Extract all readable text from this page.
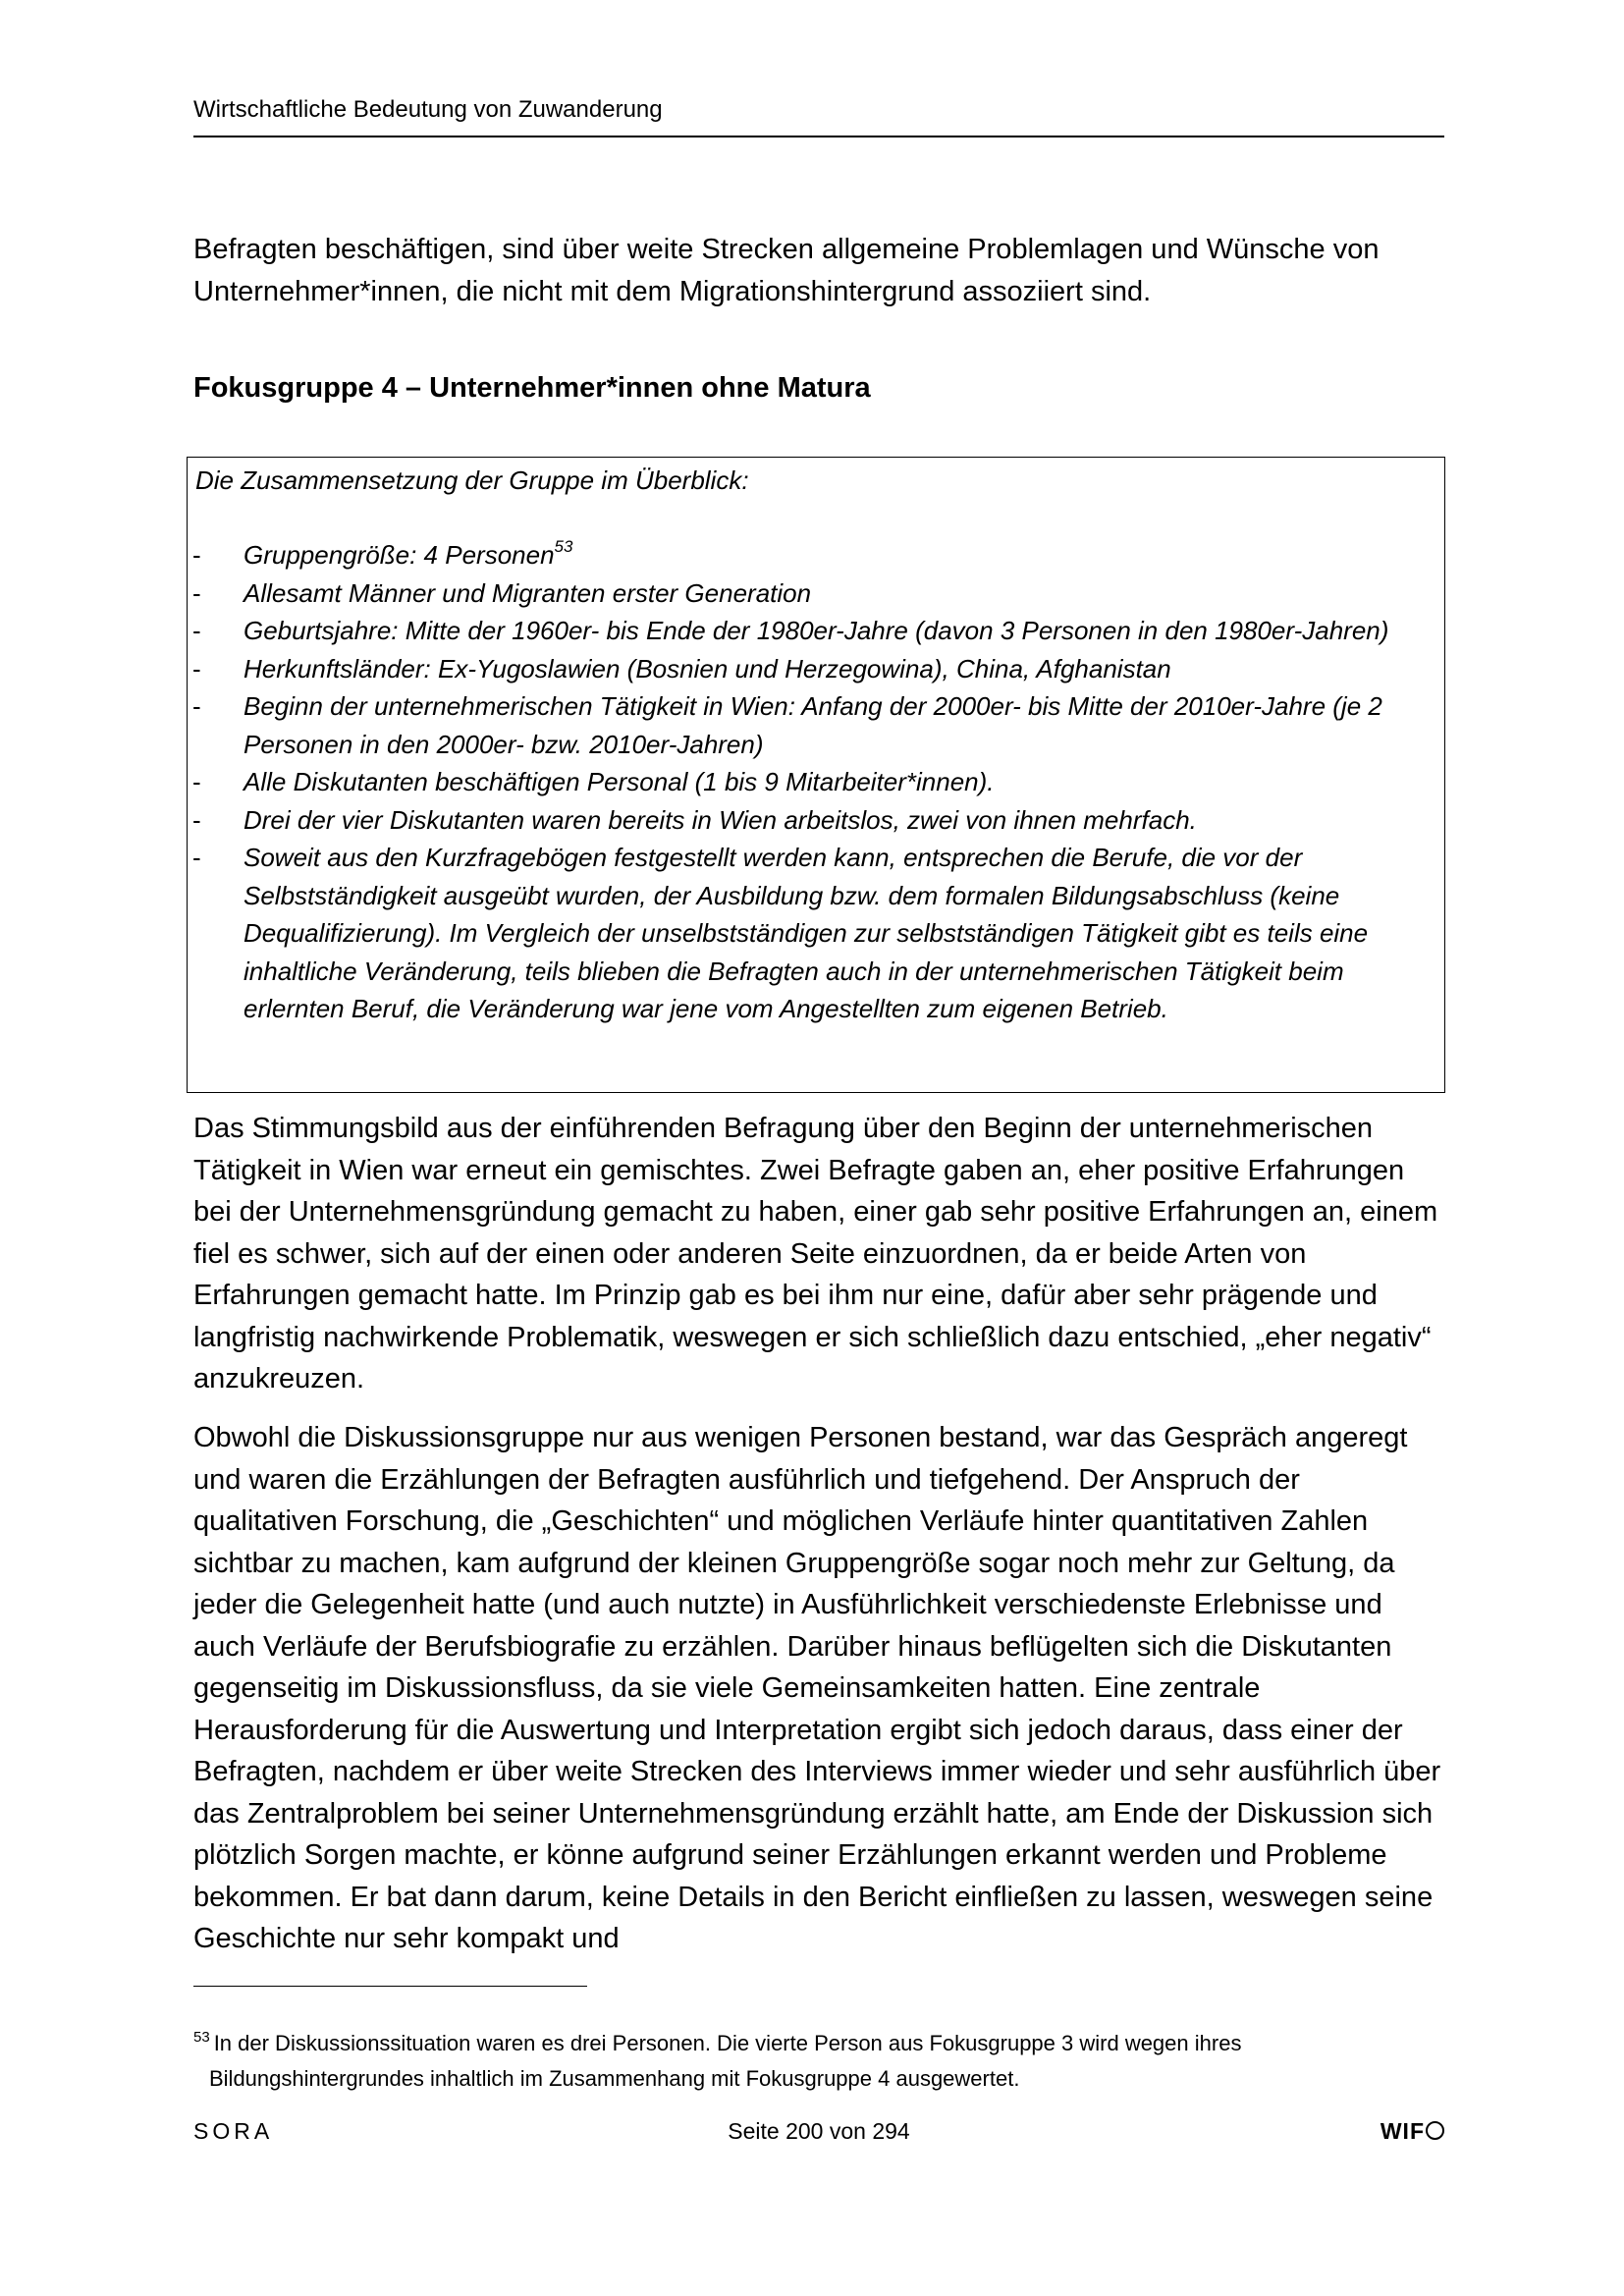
Wirtschaftliche Bedeutung von Zuwanderung
Befragten beschäftigen, sind über weite Strecken allgemeine Problemlagen und Wünsche von Unternehmer*innen, die nicht mit dem Migrationshintergrund assoziiert sind.
Fokusgruppe 4 – Unternehmer*innen ohne Matura
Die Zusammensetzung der Gruppe im Überblick:
- Gruppengröße: 4 Personen$^{53}$
- Allesamt Männer und Migranten erster Generation
- Geburtsjahre: Mitte der 1960er- bis Ende der 1980er-Jahre (davon 3 Personen in den 1980er-Jahren)
- Herkunftsländer: Ex-Yugoslawien (Bosnien und Herzegowina), China, Afghanistan
- Beginn der unternehmerischen Tätigkeit in Wien: Anfang der 2000er- bis Mitte der 2010er-Jahre (je 2 Personen in den 2000er- bzw. 2010er-Jahren)
- Alle Diskutanten beschäftigen Personal (1 bis 9 Mitarbeiter*innen).
- Drei der vier Diskutanten waren bereits in Wien arbeitslos, zwei von ihnen mehrfach.
- Soweit aus den Kurzfragebögen festgestellt werden kann, entsprechen die Berufe, die vor der Selbstständigkeit ausgeübt wurden, der Ausbildung bzw. dem formalen Bildungsabschluss (keine Dequalifizierung). Im Vergleich der unselbstständigen zur selbstständigen Tätigkeit gibt es teils eine inhaltliche Veränderung, teils blieben die Befragten auch in der unternehmerischen Tätigkeit beim erlernten Beruf, die Veränderung war jene vom Angestellten zum eigenen Betrieb.
Das Stimmungsbild aus der einführenden Befragung über den Beginn der unternehmerischen Tätigkeit in Wien war erneut ein gemischtes. Zwei Befragte gaben an, eher positive Erfahrungen bei der Unternehmensgründung gemacht zu haben, einer gab sehr positive Erfahrungen an, einem fiel es schwer, sich auf der einen oder anderen Seite einzuordnen, da er beide Arten von Erfahrungen gemacht hatte. Im Prinzip gab es bei ihm nur eine, dafür aber sehr prägende und langfristig nachwirkende Problematik, weswegen er sich schließlich dazu entschied, „eher negativ“ anzukreuzen.
Obwohl die Diskussionsgruppe nur aus wenigen Personen bestand, war das Gespräch angeregt und waren die Erzählungen der Befragten ausführlich und tiefgehend. Der Anspruch der qualitativen Forschung, die „Geschichten“ und möglichen Verläufe hinter quantitativen Zahlen sichtbar zu machen, kam aufgrund der kleinen Gruppengröße sogar noch mehr zur Geltung, da jeder die Gelegenheit hatte (und auch nutzte) in Ausführlichkeit verschiedenste Erlebnisse und auch Verläufe der Berufsbiografie zu erzählen. Darüber hinaus beflügelten sich die Diskutanten gegenseitig im Diskussionsfluss, da sie viele Gemeinsamkeiten hatten. Eine zentrale Herausforderung für die Auswertung und Interpretation ergibt sich jedoch daraus, dass einer der Befragten, nachdem er über weite Strecken des Interviews immer wieder und sehr ausführlich über das Zentralproblem bei seiner Unternehmensgründung erzählt hatte, am Ende der Diskussion sich plötzlich Sorgen machte, er könne aufgrund seiner Erzählungen erkannt werden und Probleme bekommen. Er bat dann darum, keine Details in den Bericht einfließen zu lassen, weswegen seine Geschichte nur sehr kompakt und
$^{53}$ In der Diskussionssituation waren es drei Personen. Die vierte Person aus Fokusgruppe 3 wird wegen ihres
Bildungshintergrundes inhaltlich im Zusammenhang mit Fokusgruppe 4 ausgewertet.
SORA	Seite 200 von 294	WIF
